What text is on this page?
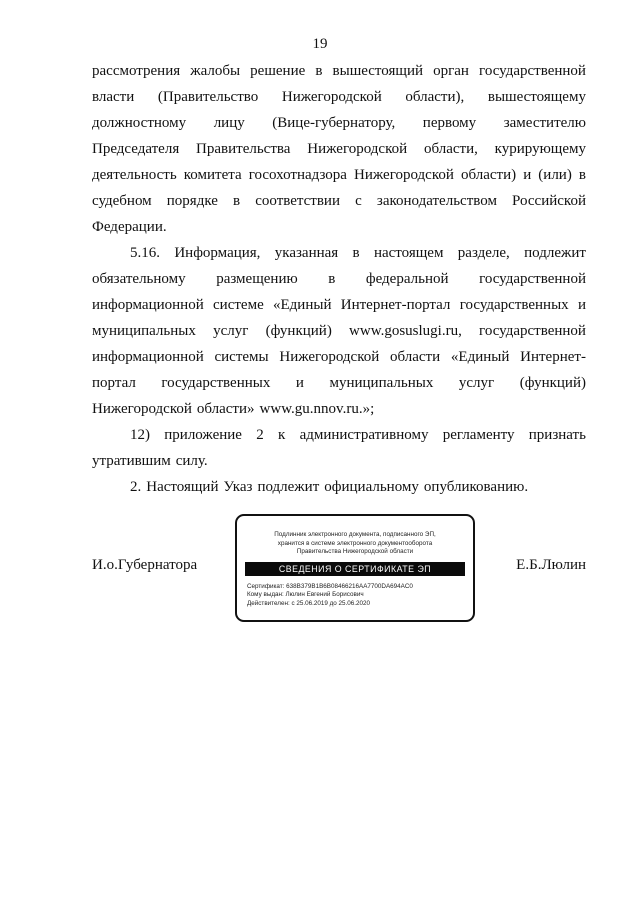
19
рассмотрения жалобы решение в вышестоящий орган государственной
власти (Правительство Нижегородской области), вышестоящему
должностному лицу (Вице-губернатору, первому заместителю
Председателя Правительства Нижегородской области, курирующему
деятельность комитета госохотнадзора Нижегородской области) и (или) в
судебном порядке в соответствии с законодательством Российской
Федерации.
5.16. Информация, указанная в настоящем разделе, подлежит
обязательному размещению в федеральной государственной
информационной системе «Единый Интернет-портал государственных и
муниципальных услуг (функций) www.gosuslugi.ru, государственной
информационной системы Нижегородской области «Единый Интернет-
портал государственных и муниципальных услуг (функций)
Нижегородской области» www.gu.nnov.ru.»;
12) приложение 2 к административному регламенту признать
утратившим силу.
2. Настоящий Указ подлежит официальному опубликованию.
И.о.Губернатора
Подлинник электронного документа, подписанного ЭП,
хранится в системе электронного документооборота
Правительства Нижегородской области
СВЕДЕНИЯ О СЕРТИФИКАТЕ ЭП
Сертификат: 638B379B1B6B08466216AA7700DA694AC0
Кому выдан: Люлин Евгений Борисович
Действителен: с 25.06.2019 до 25.06.2020
Е.Б.Люлин
